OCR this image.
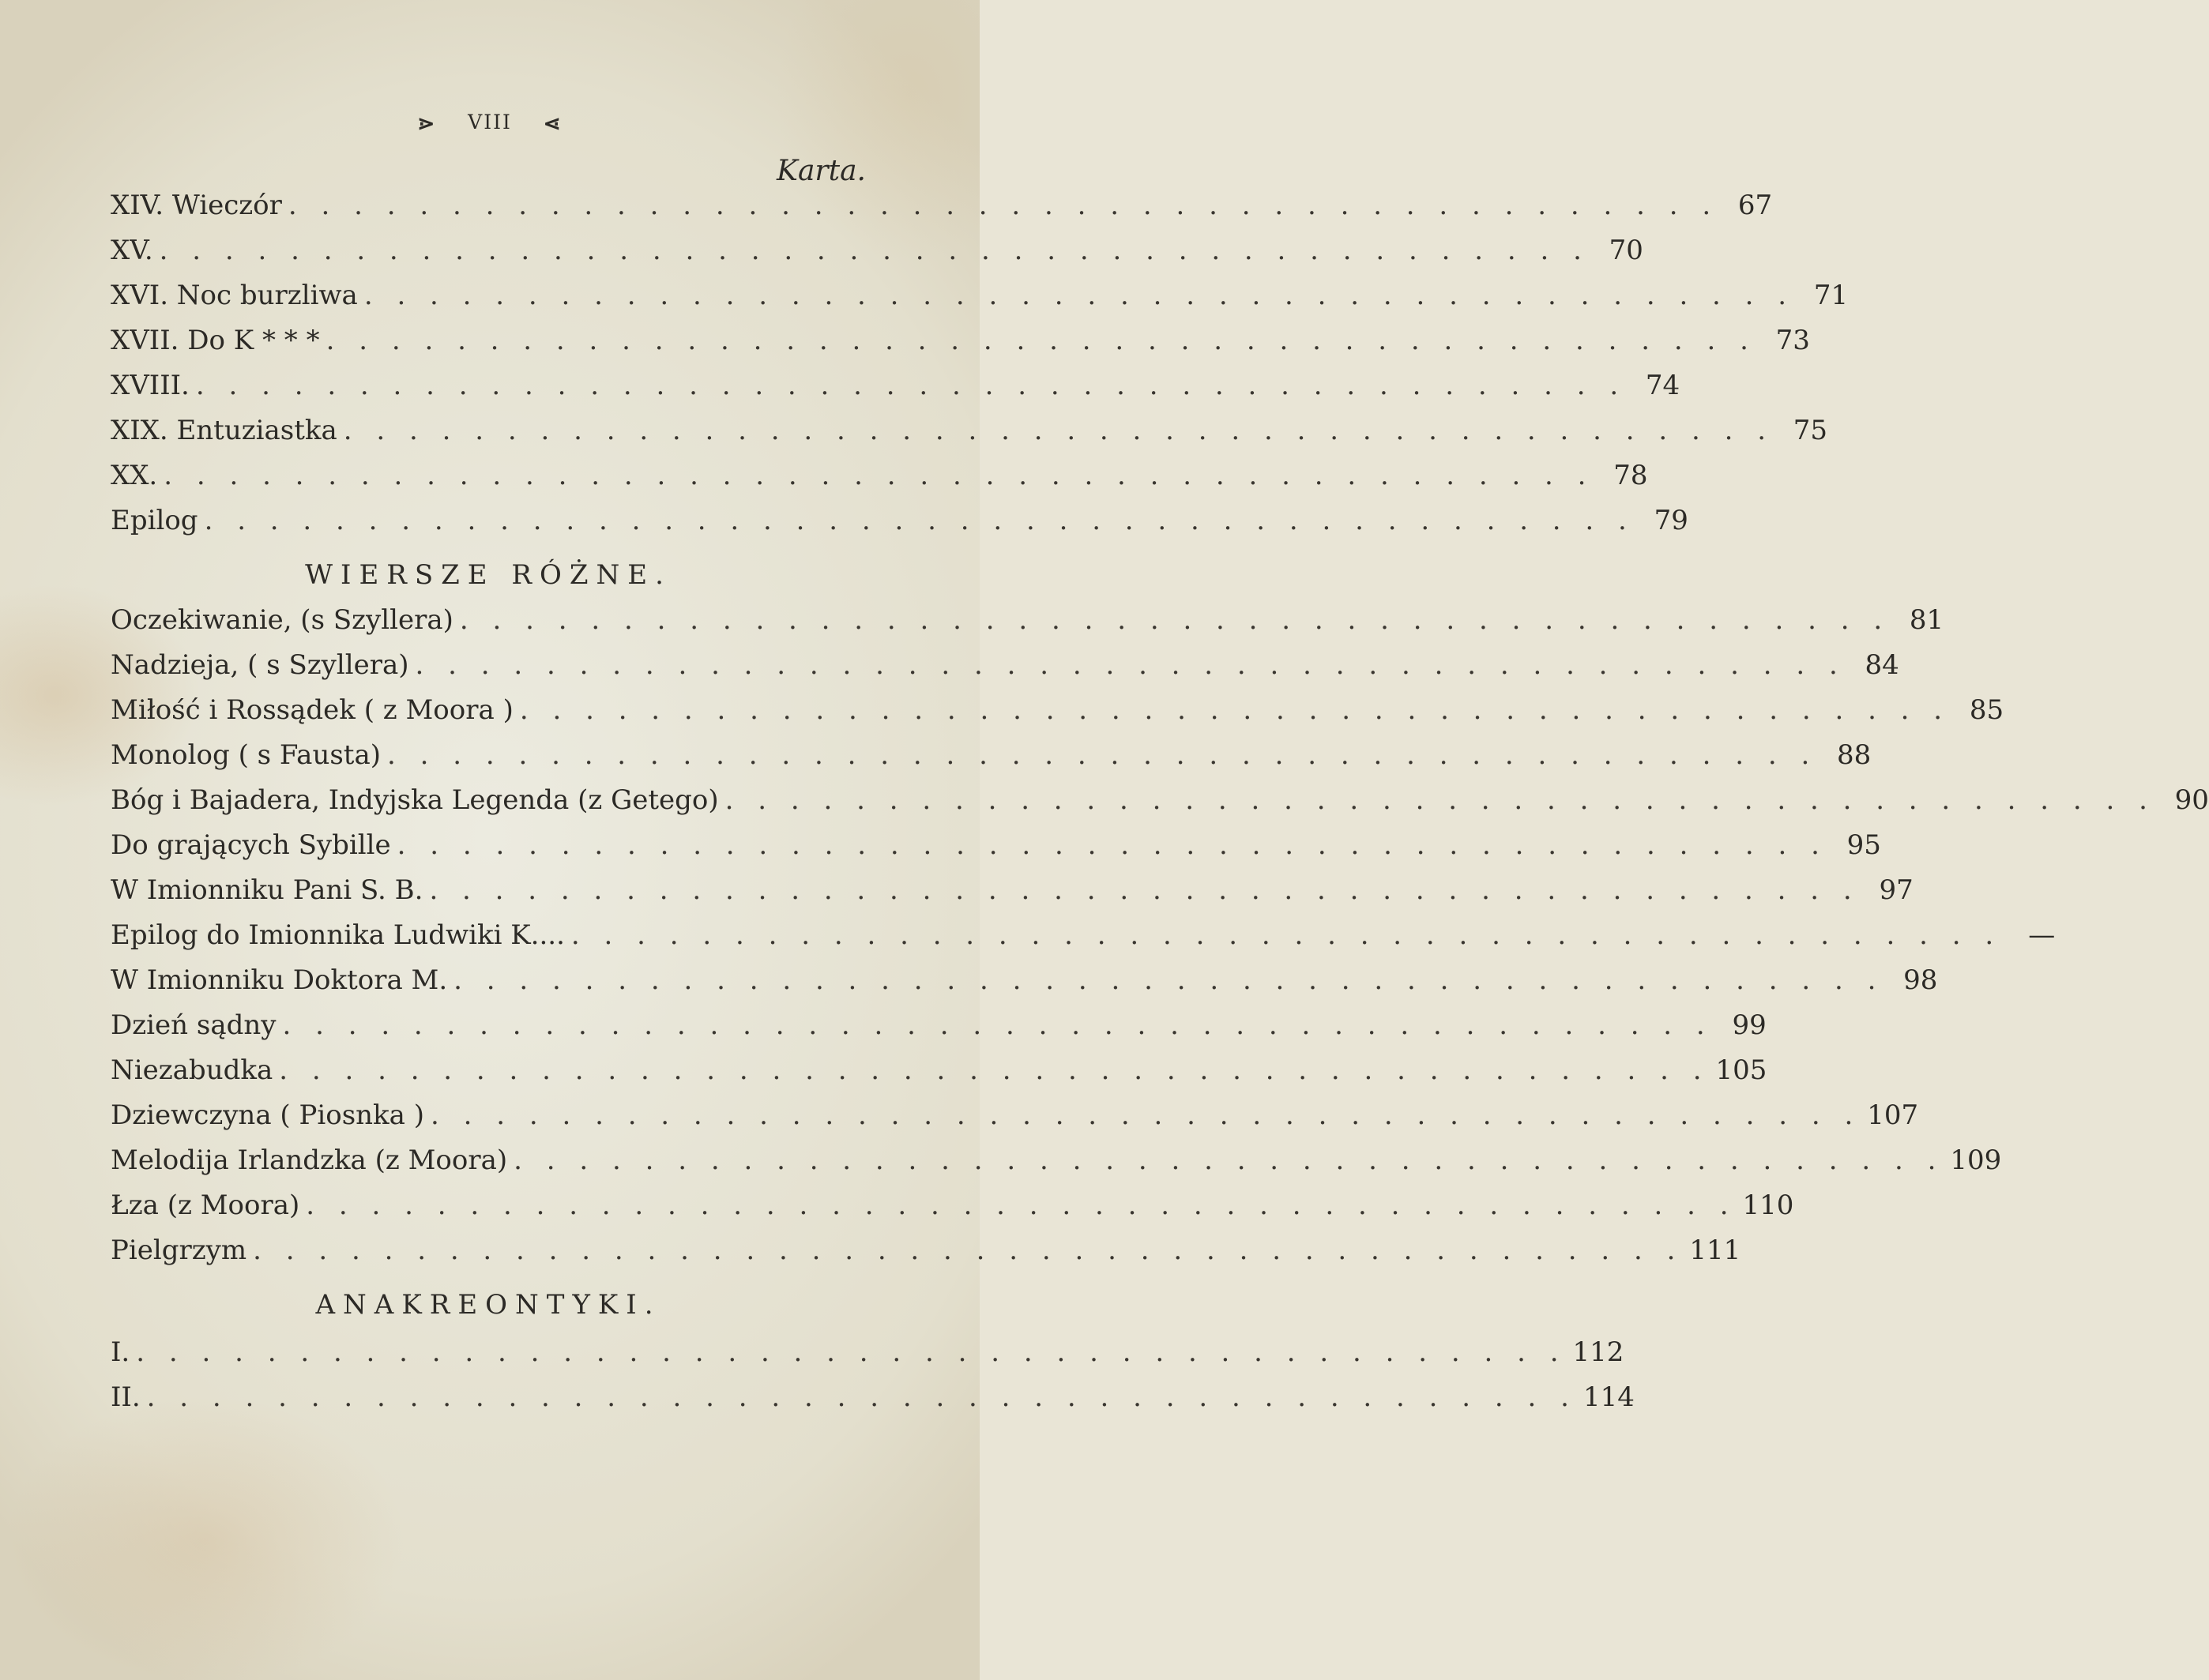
⋗ VIII ⋖
Karta.
XIV. Wieczór . . . . . . . . . . . . . . . . . . . . . . . . . . . . . . . . . . . . . . . . . . . . 67
XV. . . . . . . . . . . . . . . . . . . . . . . . . . . . . . . . . . . . . . . . . . . . . 70
XVI. Noc burzliwa . . . . . . . . . . . . . . . . . . . . . . . . . . . . . . . . . . . . . . . . . . . . 71
XVII. Do K * * * . . . . . . . . . . . . . . . . . . . . . . . . . . . . . . . . . . . . . . . . . . . . 73
XVIII. . . . . . . . . . . . . . . . . . . . . . . . . . . . . . . . . . . . . . . . . . . . . 74
XIX. Entuziastka . . . . . . . . . . . . . . . . . . . . . . . . . . . . . . . . . . . . . . . . . . . . 75
XX. . . . . . . . . . . . . . . . . . . . . . . . . . . . . . . . . . . . . . . . . . . . . 78
Epilog . . . . . . . . . . . . . . . . . . . . . . . . . . . . . . . . . . . . . . . . . . . . 79
WIERSZE RÓŻNE.
Oczekiwanie, (s Szyllera) . . . . . . . . . . . . . . . . . . . . . . . . . . . . . . . . . . . . . . . . . . . . 81
Nadzieja, ( s Szyllera) . . . . . . . . . . . . . . . . . . . . . . . . . . . . . . . . . . . . . . . . . . . . 84
Miłość i Rossądek ( z Moora ) . . . . . . . . . . . . . . . . . . . . . . . . . . . . . . . . . . . . . . . . . . . . 85
Monolog ( s Fausta) . . . . . . . . . . . . . . . . . . . . . . . . . . . . . . . . . . . . . . . . . . . . 88
Bóg i Bajadera, Indyjska Legenda (z Getego) . . . . . . . . . . . . . . . . . . . . . . . . . . . . . . . . . . . . . . . . . . . . 90
Do grających Sybille . . . . . . . . . . . . . . . . . . . . . . . . . . . . . . . . . . . . . . . . . . . . 95
W Imionniku Pani S. B. . . . . . . . . . . . . . . . . . . . . . . . . . . . . . . . . . . . . . . . . . . . . 97
Epilog do Imionnika Ludwiki K.... . . . . . . . . . . . . . . . . . . . . . . . . . . . . . . . . . . . . . . . . . . . .	—
W Imionniku Doktora M. . . . . . . . . . . . . . . . . . . . . . . . . . . . . . . . . . . . . . . . . . . . . 98
Dzień sądny . . . . . . . . . . . . . . . . . . . . . . . . . . . . . . . . . . . . . . . . . . . . 99
Niezabudka . . . . . . . . . . . . . . . . . . . . . . . . . . . . . . . . . . . . . . . . . . . . 105
Dziewczyna ( Piosnka ) . . . . . . . . . . . . . . . . . . . . . . . . . . . . . . . . . . . . . . . . . . . . 107
Melodija Irlandzka (z Moora) . . . . . . . . . . . . . . . . . . . . . . . . . . . . . . . . . . . . . . . . . . . . 109
Łza (z Moora) . . . . . . . . . . . . . . . . . . . . . . . . . . . . . . . . . . . . . . . . . . . . 110
Pielgrzym . . . . . . . . . . . . . . . . . . . . . . . . . . . . . . . . . . . . . . . . . . . . 111
ANAKREONTYKI.
I. . . . . . . . . . . . . . . . . . . . . . . . . . . . . . . . . . . . . . . . . . . . . 112
II. . . . . . . . . . . . . . . . . . . . . . . . . . . . . . . . . . . . . . . . . . . . . 114
